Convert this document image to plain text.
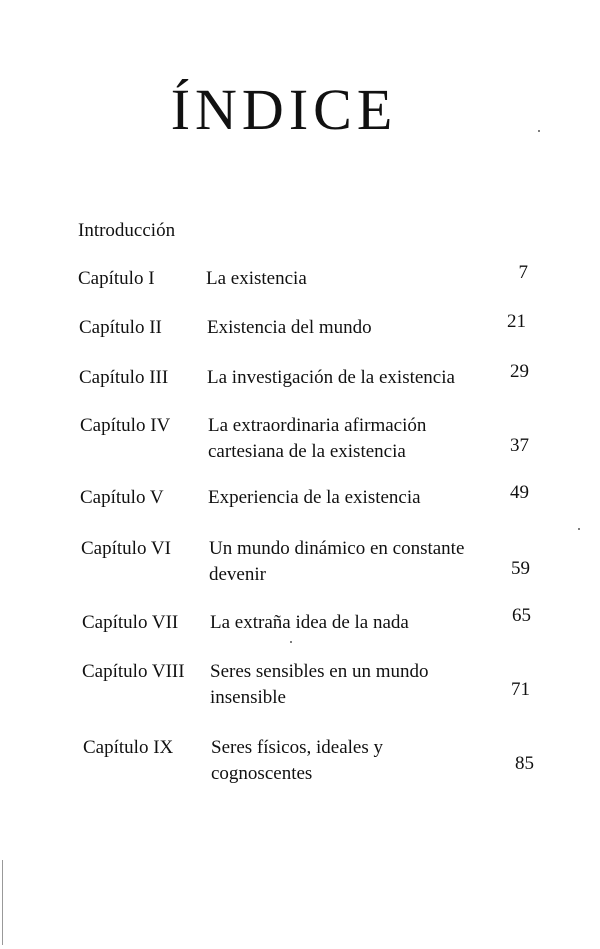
ÍNDICE
Introducción
Capítulo I	La existencia	7
Capítulo II Existencia del mundo	21
Capítulo III La investigación de la existencia	29
Capítulo IV La extraordinaria afirmación cartesiana de la existencia	37
Capítulo V Experiencia de la existencia	49
Capítulo VI Un mundo dinámico en constante devenir	59
Capítulo VII La extraña idea de la nada	65
Capítulo VIII Seres sensibles en un mundo insensible	71
Capítulo IX Seres físicos, ideales y cognoscentes	85
